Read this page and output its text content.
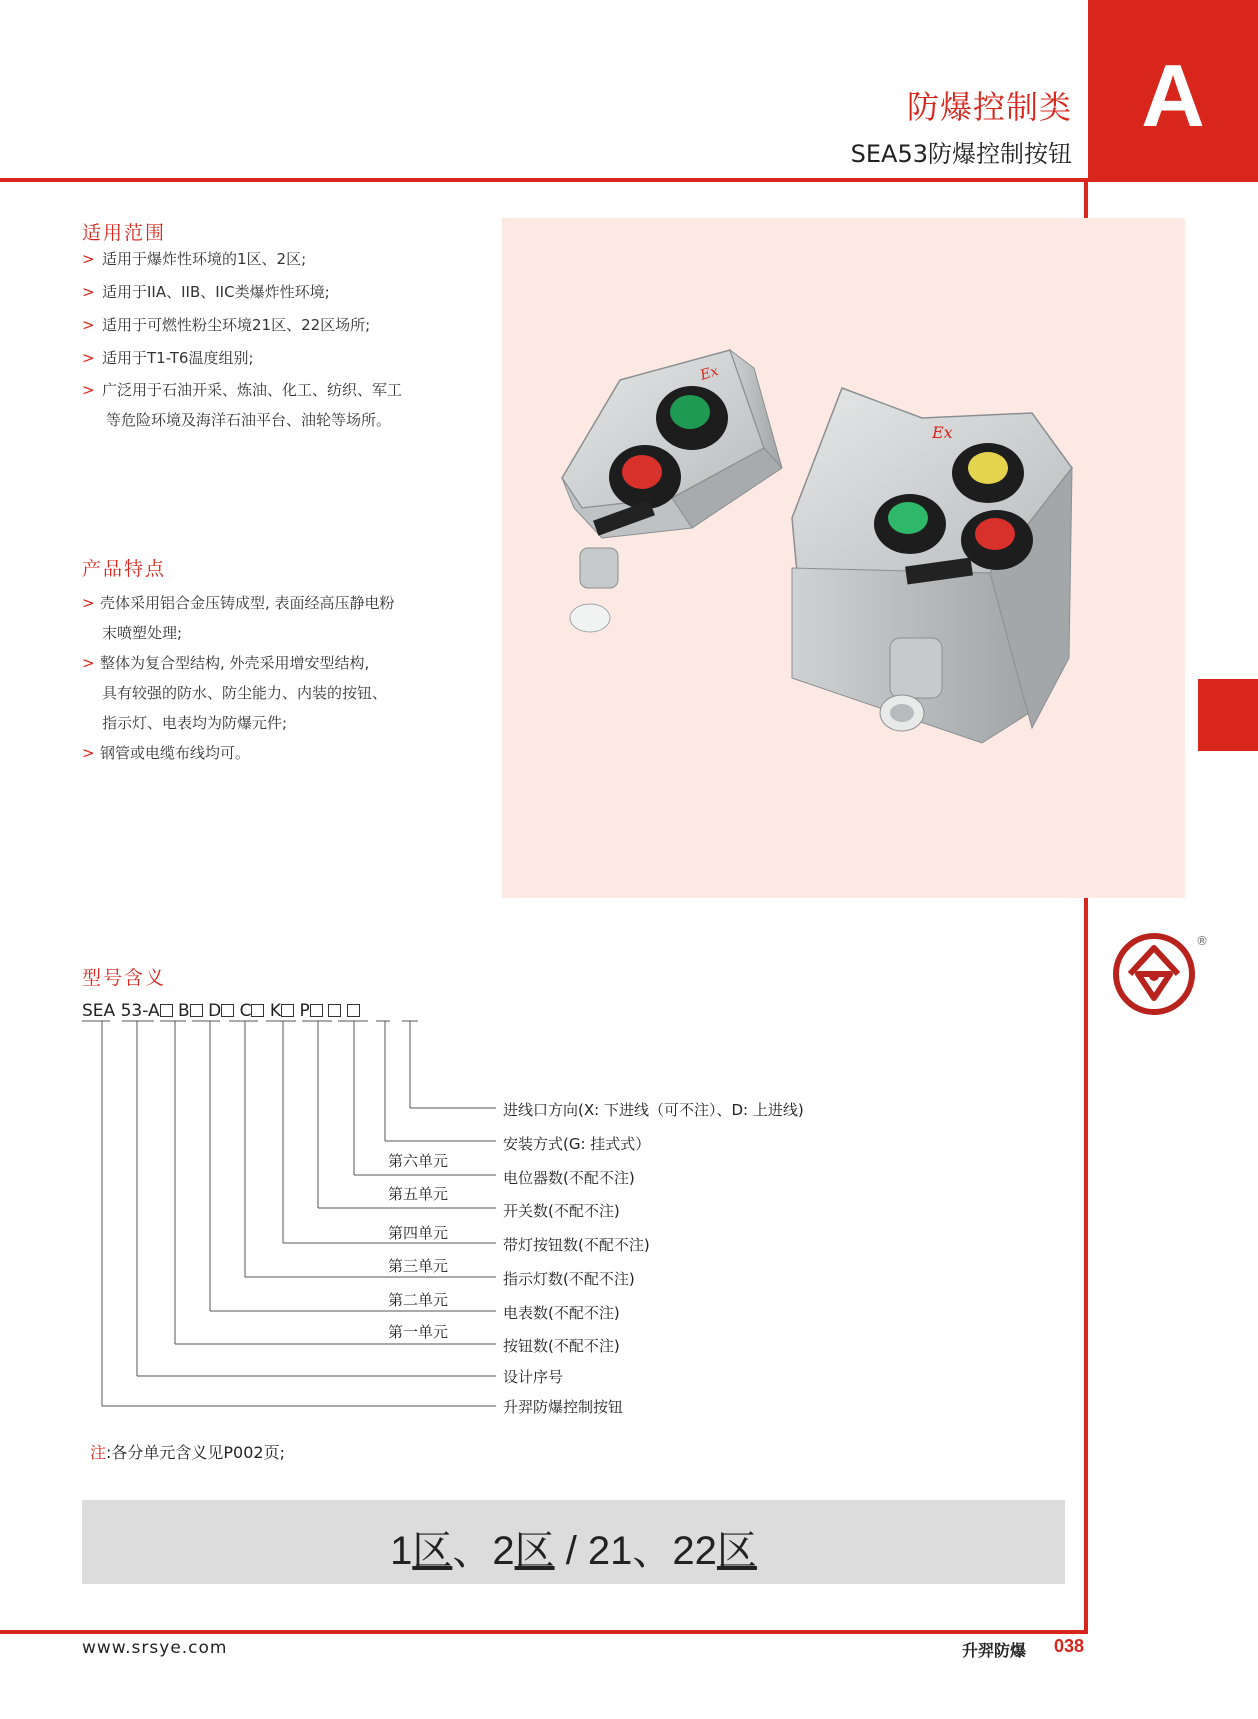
A
防爆控制类
SEA53防爆控制按钮
适用范围
> 适用于爆炸性环境的1区、2区;
> 适用于IIA、IIB、IIC类爆炸性环境;
> 适用于可燃性粉尘环境21区、22区场所;
> 适用于T1-T6温度组别;
> 广泛用于石油开采、炼油、化工、纺织、军工
等危险环境及海洋石油平台、油轮等场所。
产品特点
> 壳体采用铝合金压铸成型, 表面经高压静电粉
末喷塑处理;
> 整体为复合型结构, 外壳采用增安型结构,
具有较强的防水、防尘能力、内装的按钮、
指示灯、电表均为防爆元件;
> 钢管或电缆布线均可。
Ex
Ex
型号含义
SEA 53-A B D C K P
进线口方向(X: 下进线（可不注）、D: 上进线)
安装方式(G: 挂式式）
电位器数(不配不注)
开关数(不配不注)
带灯按钮数(不配不注)
指示灯数(不配不注)
电表数(不配不注)
按钮数(不配不注)
设计序号
升羿防爆控制按钮
第六单元
第五单元
第四单元
第三单元
第二单元
第一单元
注:各分单元含义见P002页;
1区、2区 / 21、22区
®
www.srsye.com	升羿防爆 038
